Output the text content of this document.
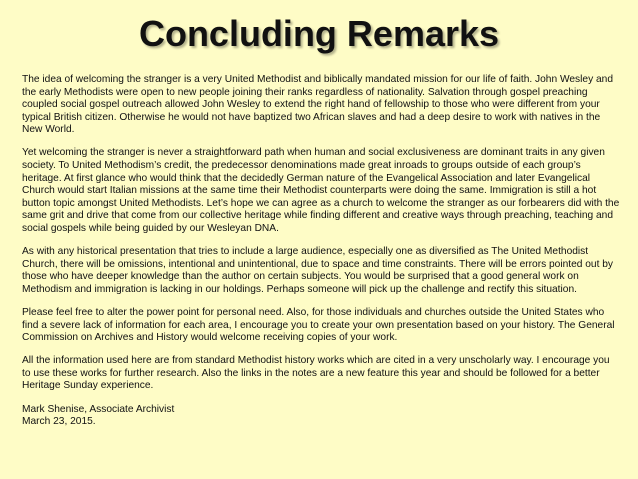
Concluding Remarks

The idea of welcoming the stranger is a very United Methodist and biblically mandated mission for our life of faith. John Wesley and the early Methodists were open to new people joining their ranks regardless of nationality. Salvation through gospel preaching coupled social gospel outreach allowed John Wesley to extend the right hand of fellowship to those who were different from your typical British citizen. Otherwise he would not have baptized two African slaves and had a deep desire to work with natives in the New World.

Yet welcoming the stranger is never a straightforward path when human and social exclusiveness are dominant traits in any given society. To United Methodism’s credit, the predecessor denominations made great inroads to groups outside of each group’s heritage. At first glance who would think that the decidedly German nature of the Evangelical Association and later Evangelical Church would start Italian missions at the same time their Methodist counterparts were doing the same. Immigration is still a hot button topic amongst United Methodists. Let’s hope we can agree as a church to welcome the stranger as our forbearers did with the same grit and drive that come from our collective heritage while finding different and creative ways through preaching, teaching and social gospels while being guided by our Wesleyan DNA.

As with any historical presentation that tries to include a large audience, especially one as diversified as The United Methodist Church, there will be omissions, intentional and unintentional, due to space and time constraints. There will be errors pointed out by those who have deeper knowledge than the author on certain subjects. You would be surprised that a good general work on Methodism and immigration is lacking in our holdings. Perhaps someone will pick up the challenge and rectify this situation.

Please feel free to alter the power point for personal need. Also, for those individuals and churches outside the United States who find a severe lack of information for each area, I encourage you to create your own presentation based on your history. The General Commission on Archives and History would welcome receiving copies of your work.

All the information used here are from standard Methodist history works which are cited in a very unscholarly way. I encourage you to use these works for further research. Also the links in the notes are a new feature this year and should be followed for a better Heritage Sunday experience.

Mark Shenise, Associate Archivist

March 23, 2015.
